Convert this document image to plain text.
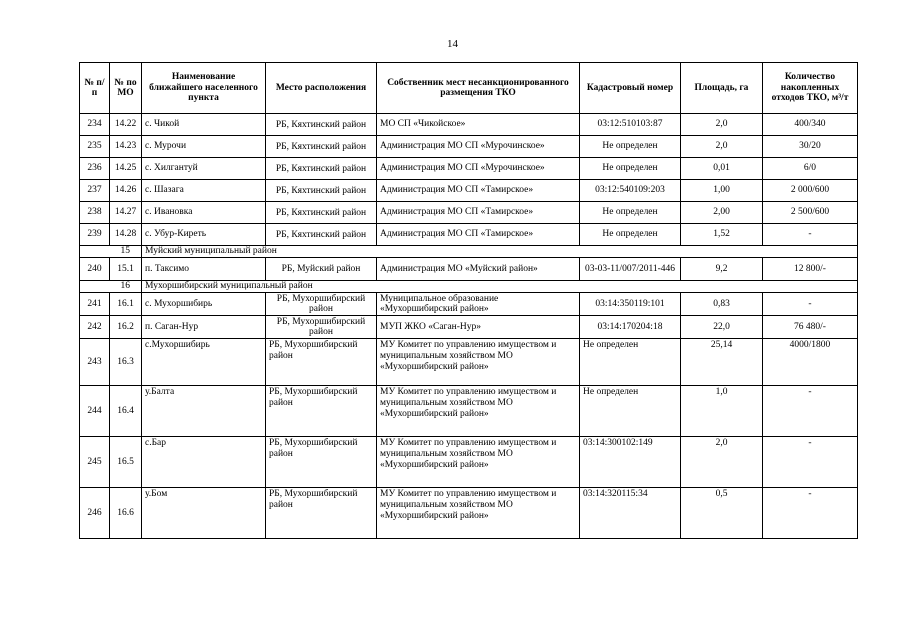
14
№ п/п	№ по МО	Наименование ближайшего населенного пункта	Место расположения	Собственник мест несанкционированного размещения ТКО	Кадастровый номер	Площадь, га	Количество накопленных отходов ТКО, м³/т
234	14.22	с. Чикой	РБ, Кяхтинский район	МО СП «Чикойское»	03:12:510103:87	2,0	400/340
235	14.23	с. Мурочи	РБ, Кяхтинский район	Администрация МО СП «Мурочинское»	Не определен	2,0	30/20
236	14.25	с. Хилгантуй	РБ, Кяхтинский район	Администрация МО СП «Мурочинское»	Не определен	0,01	6/0
237	14.26	с. Шазага	РБ, Кяхтинский район	Администрация МО СП «Тамирское»	03:12:540109:203	1,00	2 000/600
238	14.27	с. Ивановка	РБ, Кяхтинский район	Администрация МО СП «Тамирское»	Не определен	2,00	2 500/600
239	14.28	с. Убур-Киреть	РБ, Кяхтинский район	Администрация МО СП «Тамирское»	Не определен	1,52	-
	15	Муйский муниципальный район					
240	15.1	п. Таксимо	РБ, Муйский район	Администрация МО «Муйский район»	03-03-11/007/2011-446	9,2	12 800/-
	16	Мухоршибирский муниципальный район					
241	16.1	с. Мухоршибирь	РБ, Мухоршибирский район	Муниципальное образование «Мухоршибирский район»	03:14:350119:101	0,83	-
242	16.2	п. Саган-Нур	РБ, Мухоршибирский район	МУП ЖКО «Саган-Нур»	03:14:170204:18	22,0	76 480/-
243	16.3	с.Мухоршибирь	РБ, Мухоршибирский район	МУ Комитет по управлению имуществом и муниципальным хозяйством МО «Мухоршибирский район»	Не определен	25,14	4000/1800
244	16.4	у.Балта	РБ, Мухоршибирский район	МУ Комитет по управлению имуществом и муниципальным хозяйством МО «Мухоршибирский район»	Не определен	1,0	-
245	16.5	с.Бар	РБ, Мухоршибирский район	МУ Комитет по управлению имуществом и муниципальным хозяйством МО «Мухоршибирский район»	03:14:300102:149	2,0	-
246	16.6	у.Бом	РБ, Мухоршибирский район	МУ Комитет по управлению имуществом и муниципальным хозяйством МО «Мухоршибирский район»	03:14:320115:34	0,5	-
